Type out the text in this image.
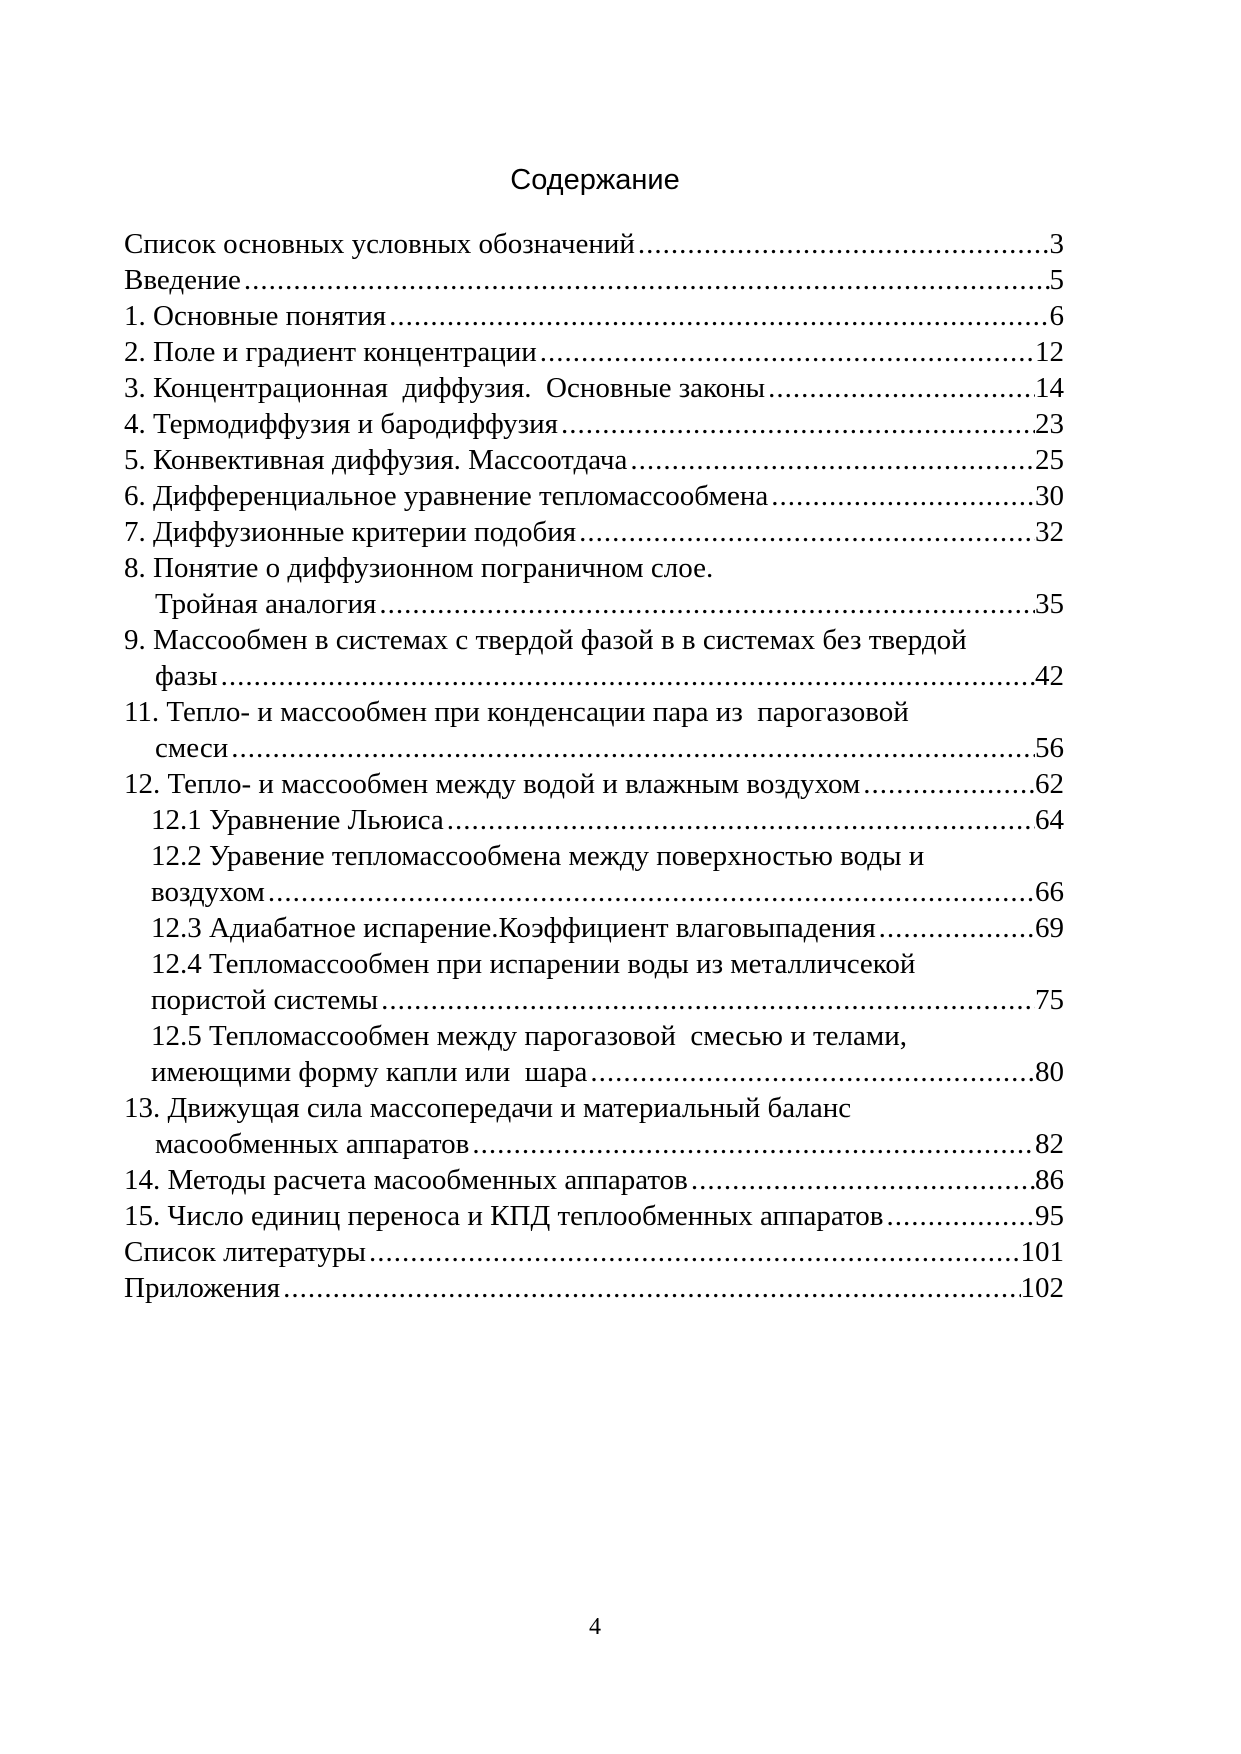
Содержание
Список основных условных обозначений .....	3
Введение .....	5
1. Основные понятия .....	6
2. Поле и градиент концентрации .....	12
3. Концентрационная  диффузия.  Основные законы .....	14
4. Термодиффузия и бародиффузия .....	23
5. Конвективная диффузия. Массоотдача .....	25
6. Дифференциальное уравнение тепломассообмена .....	30
7. Диффузионные критерии подобия .....	32
8. Понятие о диффузионном пограничном слое.
Тройная аналогия .....	35
9. Массообмен в системах с твердой фазой в в системах без твердой
фазы .....	42
11. Тепло- и массообмен при конденсации пара из  парогазовой
смеси .....	56
12. Тепло- и массообмен между водой и влажным воздухом .....	62
12.1 Уравнение Льюиса .....	64
12.2 Уравение тепломассообмена между поверхностью воды и
воздухом .....	66
12.3 Адиабатное испарение.Коэффициент влаговыпадения .....	69
12.4 Тепломассообмен при испарении воды из металличсекой
пористой системы .....	75
12.5 Тепломассообмен между парогазовой  смесью и телами,
имеющими форму капли или  шара .....	80
13. Движущая сила массопередачи и материальный баланс
масообменных аппаратов .....	82
14. Методы расчета масообменных аппаратов .....	86
15. Число единиц переноса и КПД теплообменных аппаратов .....	95
Список литературы .....	101
Приложения .....	102
4
